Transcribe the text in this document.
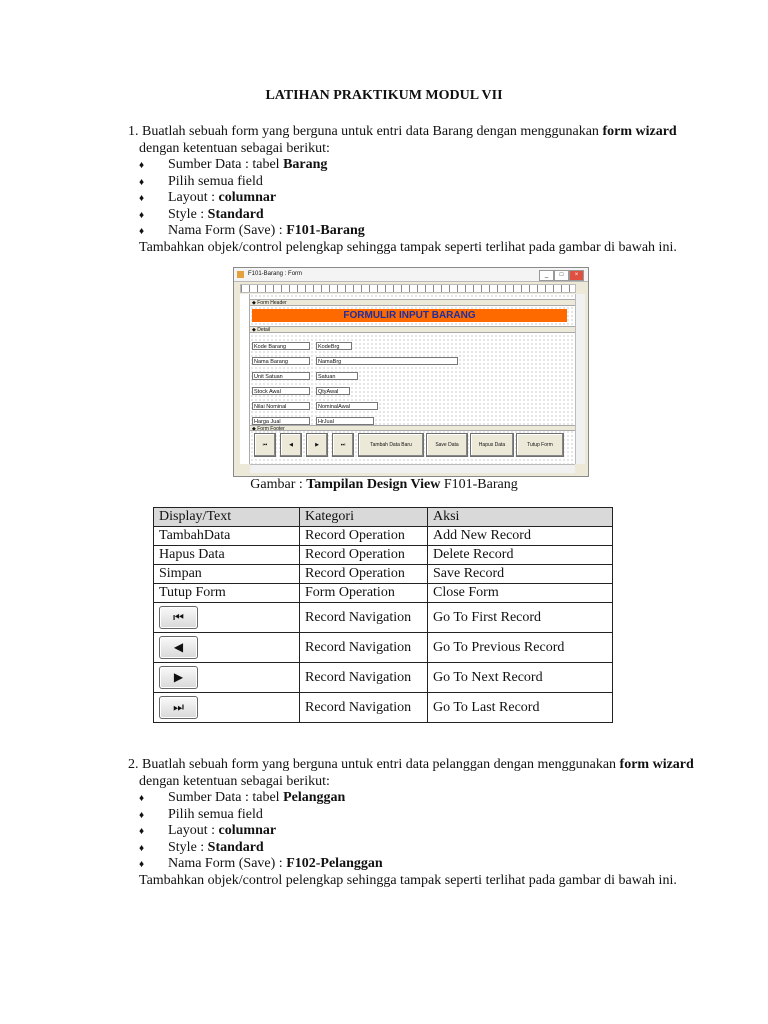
LATIHAN PRAKTIKUM MODUL VII

1. Buatlah sebuah form yang berguna untuk entri data Barang dengan menggunakan form wizard
dengan ketentuan sebagai berikut:

♦ Sumber Data : tabel Barang
♦ Pilih semua field
♦ Layout : columnar
♦ Style : Standard
♦ Nama Form (Save) : F101-Barang

Tambahkan objek/control pelengkap sehingga tampak seperti terlihat pada gambar di bawah ini.

F101-Barang : Form	_	□	×
◆ Form Header
FORMULIR INPUT BARANG
◆ Detail
Kode Barang	KodeBrg
Nama Barang	NamaBrg
Unit Satuan	Satuan
Stock Awal	QtyAwal
Nilai Nominal	NominalAwal
Harga Jual	HrJual
◆ Form Footer
⏮	◀	▶	⏭	Tambah Data Baru	Save Data	Hapus Data	Tutup Form
Gambar : Tampilan Design View F101-Barang
Display/Text	Kategori	Aksi
TambahData	Record Operation	Add New Record
Hapus Data	Record Operation	Delete Record
Simpan	Record Operation	Save Record
Tutup Form	Form Operation	Close Form
⏮	Record Navigation	Go To First Record
◀	Record Navigation	Go To Previous Record
▶	Record Navigation	Go To Next Record
⏭	Record Navigation	Go To Last Record

2. Buatlah sebuah form yang berguna untuk entri data pelanggan dengan menggunakan form wizard
dengan ketentuan sebagai berikut:

♦ Sumber Data : tabel Pelanggan
♦ Pilih semua field
♦ Layout : columnar
♦ Style : Standard
♦ Nama Form (Save) : F102-Pelanggan

Tambahkan objek/control pelengkap sehingga tampak seperti terlihat pada gambar di bawah ini.
